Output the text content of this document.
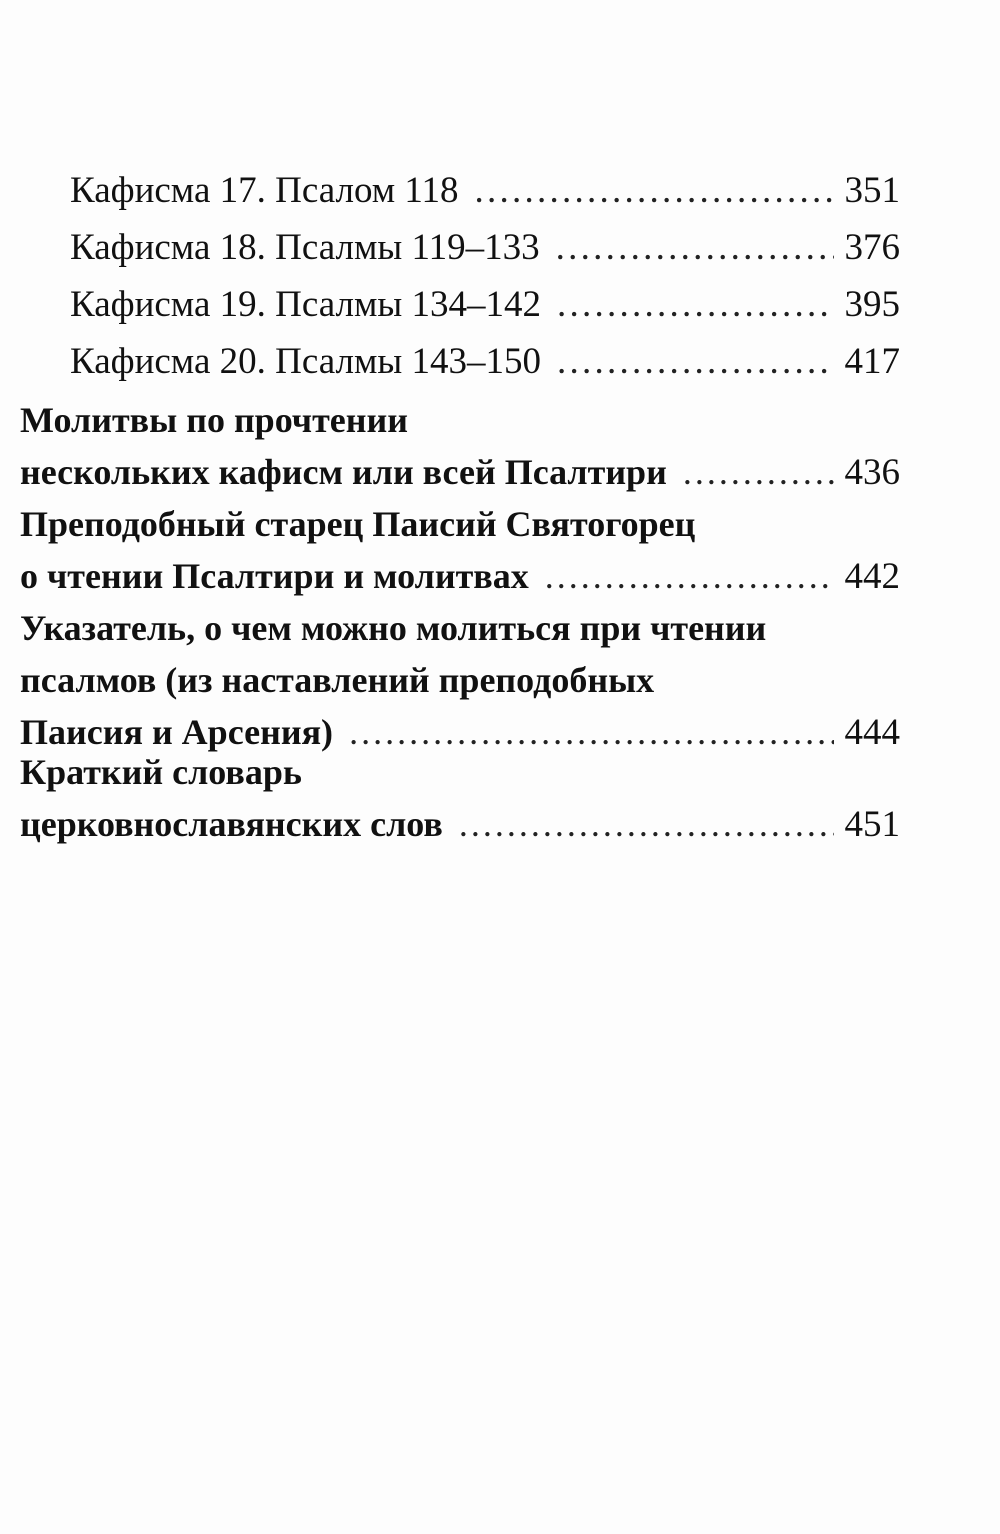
Кафисма 17. Псалом 118 . . .	351
Кафисма 18. Псалмы 119–133 . . .	376
Кафисма 19. Псалмы 134–142 . . .	395
Кафисма 20. Псалмы 143–150 . . .	417
Молитвы по прочтении
нескольких кафисм или всей Псалтири . . .	436
Преподобный старец Паисий Святогорец
о чтении Псалтири и молитвах . . .	442
Указатель, о чем можно молиться при чтении
псалмов (из наставлений преподобных
Паисия и Арсения) . . .	444
Краткий словарь
церковнославянских слов . . .	451
